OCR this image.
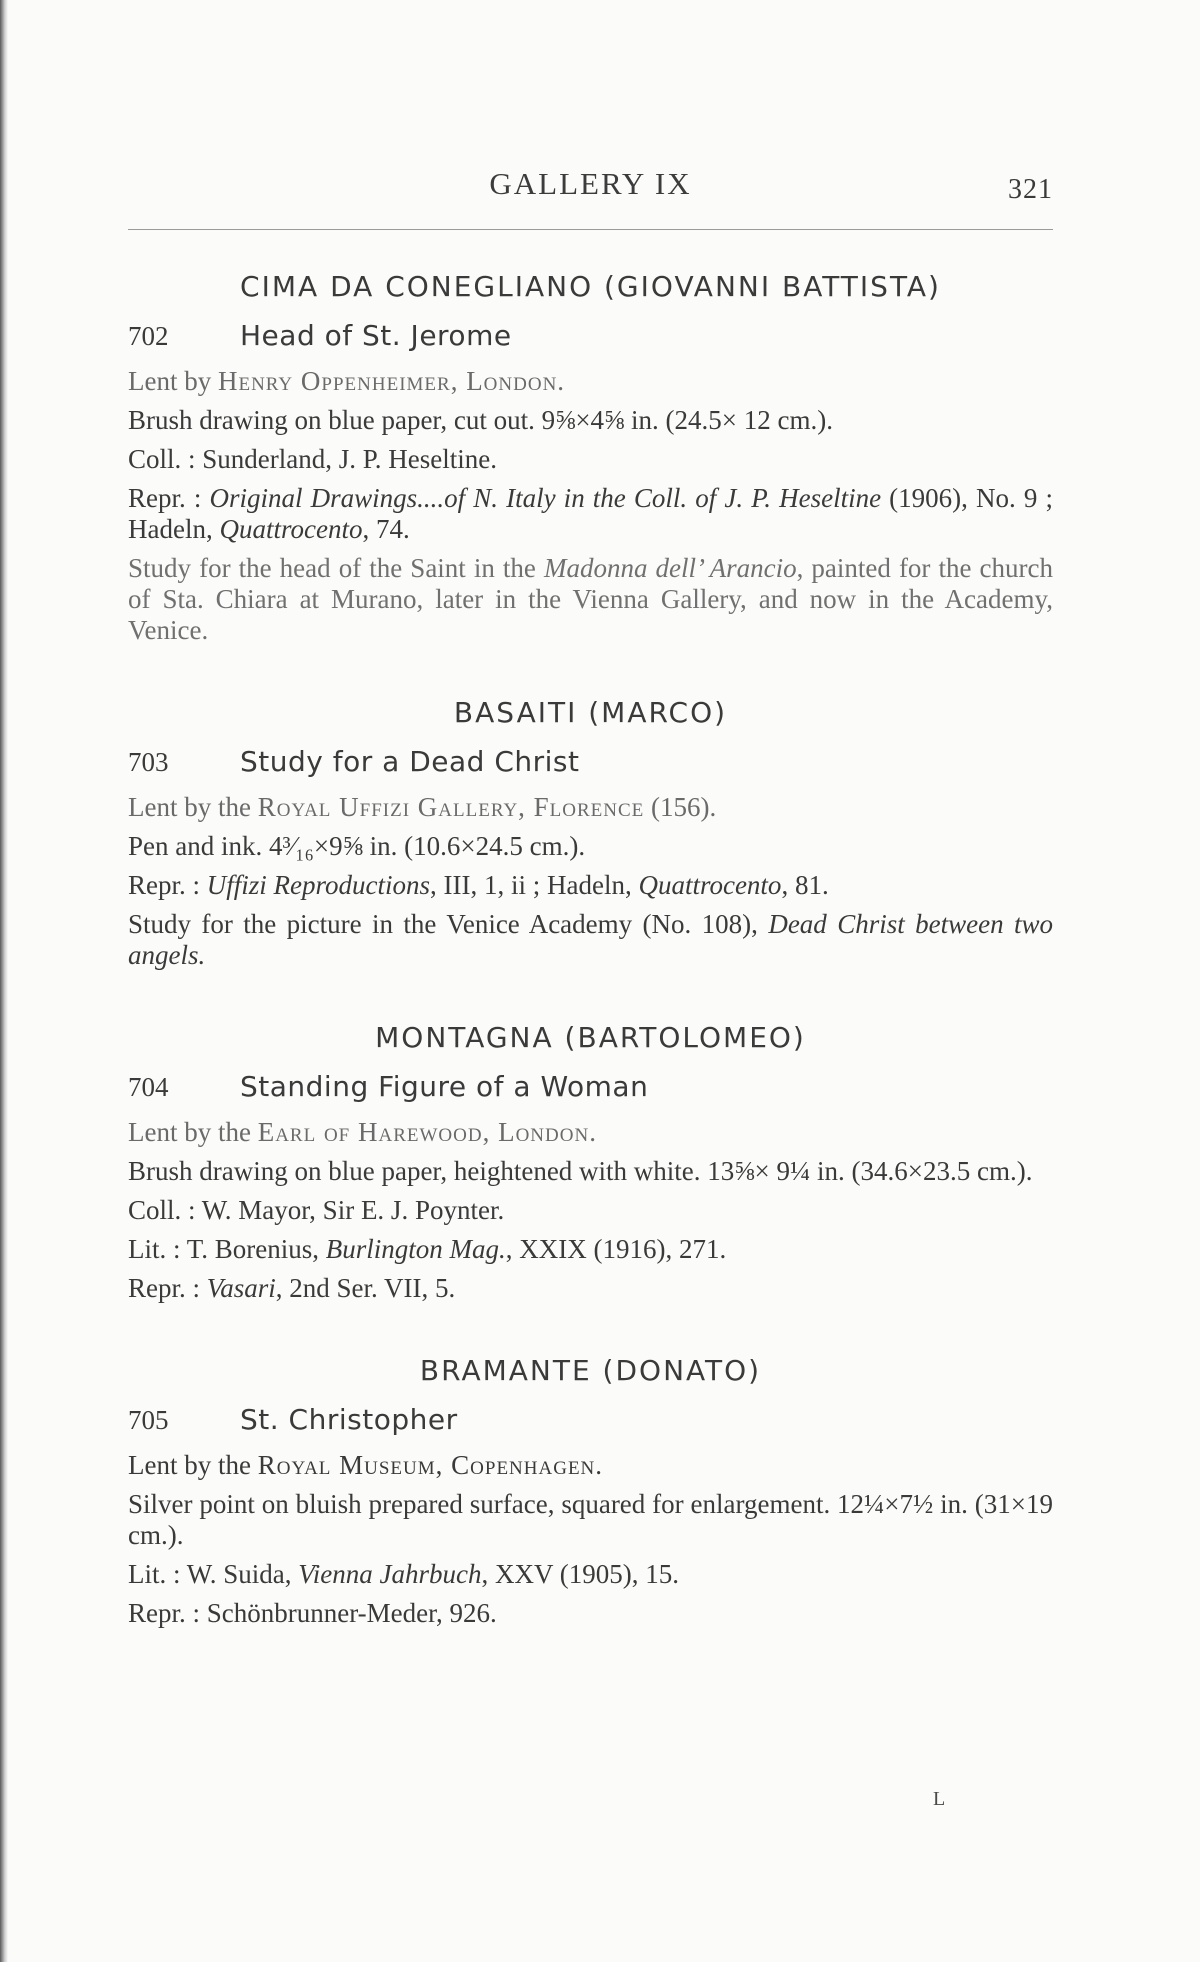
GALLERY IX	321
CIMA DA CONEGLIANO (GIOVANNI BATTISTA)
702	Head of St. Jerome

Lent by Henry Oppenheimer, London.

Brush drawing on blue paper, cut out. 9⅝×4⅝ in. (24.5× 12 cm.).

Coll. : Sunderland, J. P. Heseltine.

Repr. : Original Drawings....of N. Italy in the Coll. of J. P. Heseltine (1906), No. 9 ; Hadeln, Quattrocento, 74.

Study for the head of the Saint in the Madonna dell’ Arancio, painted for the church of Sta. Chiara at Murano, later in the Vienna Gallery, and now in the Academy, Venice.

BASAITI (MARCO)
703	Study for a Dead Christ

Lent by the Royal Uffizi Gallery, Florence (156).

Pen and ink. 4³⁄₁₆×9⅝ in. (10.6×24.5 cm.).

Repr. : Uffizi Reproductions, III, 1, ii ; Hadeln, Quattrocento, 81.

Study for the picture in the Venice Academy (No. 108), Dead Christ between two angels.

MONTAGNA (BARTOLOMEO)
704	Standing Figure of a Woman

Lent by the Earl of Harewood, London.

Brush drawing on blue paper, heightened with white. 13⅝× 9¼ in. (34.6×23.5 cm.).

Coll. : W. Mayor, Sir E. J. Poynter.

Lit. : T. Borenius, Burlington Mag., XXIX (1916), 271.

Repr. : Vasari, 2nd Ser. VII, 5.

BRAMANTE (DONATO)
705	St. Christopher

Lent by the Royal Museum, Copenhagen.

Silver point on bluish prepared surface, squared for enlargement. 12¼×7½ in. (31×19 cm.).

Lit. : W. Suida, Vienna Jahrbuch, XXV (1905), 15.

Repr. : Schönbrunner-Meder, 926.

L
